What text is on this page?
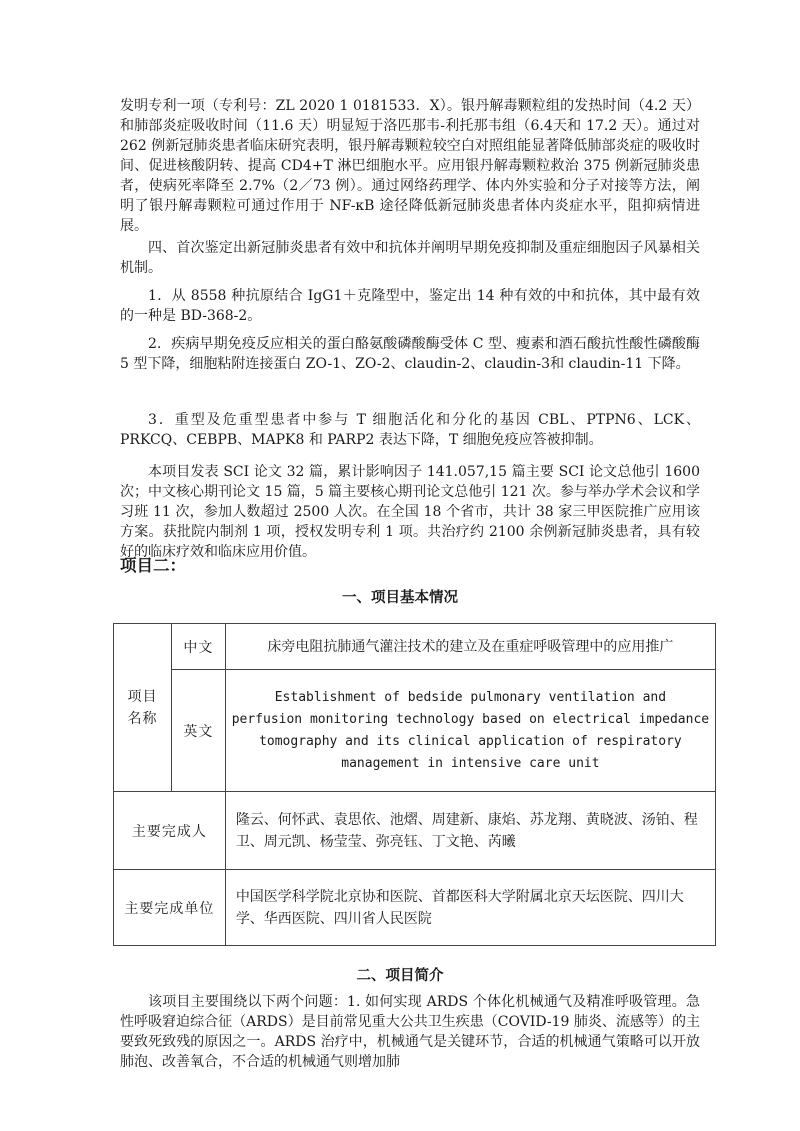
发明专利一项（专利号：ZL 2020 1 0181533．X）。银丹解毒颗粒组的发热时间（4.2 天）和肺部炎症吸收时间（11.6 天）明显短于洛匹那韦-利托那韦组（6.4天和 17.2 天）。通过对 262 例新冠肺炎患者临床研究表明，银丹解毒颗粒较空白对照组能显著降低肺部炎症的吸收时间、促进核酸阴转、提高 CD4+T 淋巴细胞水平。应用银丹解毒颗粒救治 375 例新冠肺炎患者，使病死率降至 2.7%（2／73 例）。通过网络药理学、体内外实验和分子对接等方法，阐明了银丹解毒颗粒可通过作用于 NF-κB 途径降低新冠肺炎患者体内炎症水平，阻抑病情进展。

四、首次鉴定出新冠肺炎患者有效中和抗体并阐明早期免疫抑制及重症细胞因子风暴相关机制。

1．从 8558 种抗原结合 IgG1＋克隆型中，鉴定出 14 种有效的中和抗体，其中最有效的一种是 BD-368-2。

2．疾病早期免疫反应相关的蛋白酪氨酸磷酸酶受体 C 型、瘦素和酒石酸抗性酸性磷酸酶 5 型下降，细胞粘附连接蛋白 ZO-1、ZO-2、claudin-2、claudin-3和 claudin-11 下降。

3．重型及危重型患者中参与 T 细胞活化和分化的基因 CBL、PTPN6、LCK、PRKCQ、CEBPB、MAPK8 和 PARP2 表达下降，T 细胞免疫应答被抑制。

本项目发表 SCI 论文 32 篇，累计影响因子 141.057,15 篇主要 SCI 论文总他引 1600 次；中文核心期刊论文 15 篇，5 篇主要核心期刊论文总他引 121 次。参与举办学术会议和学习班 11 次，参加人数超过 2500 人次。在全国 18 个省市，共计 38 家三甲医院推广应用该方案。获批院内制剂 1 项，授权发明专利 1 项。共治疗约 2100 余例新冠肺炎患者，具有较好的临床疗效和临床应用价值。

项目二：
一、项目基本情况
项目
名称	中文	床旁电阻抗肺通气灌注技术的建立及在重症呼吸管理中的应用推广
	英文	Establishment of bedside pulmonary ventilation and
perfusion monitoring technology based on electrical impedance
tomography and its clinical application of respiratory
management in intensive care unit
主要完成人		隆云、何怀武、袁思依、池熠、周建新、康焰、苏龙翔、黄晓波、汤铂、程卫、周元凯、杨莹莹、弥亮钰、丁文艳、芮曦
主要完成单位		中国医学科学院北京协和医院、首都医科大学附属北京天坛医院、四川大学、华西医院、四川省人民医院
二、项目简介

该项目主要围绕以下两个问题：1. 如何实现 ARDS 个体化机械通气及精准呼吸管理。急性呼吸窘迫综合征（ARDS）是目前常见重大公共卫生疾患（COVID-19 肺炎、流感等）的主要致死致残的原因之一。ARDS 治疗中，机械通气是关键环节，合适的机械通气策略可以开放肺泡、改善氧合，不合适的机械通气则增加肺
